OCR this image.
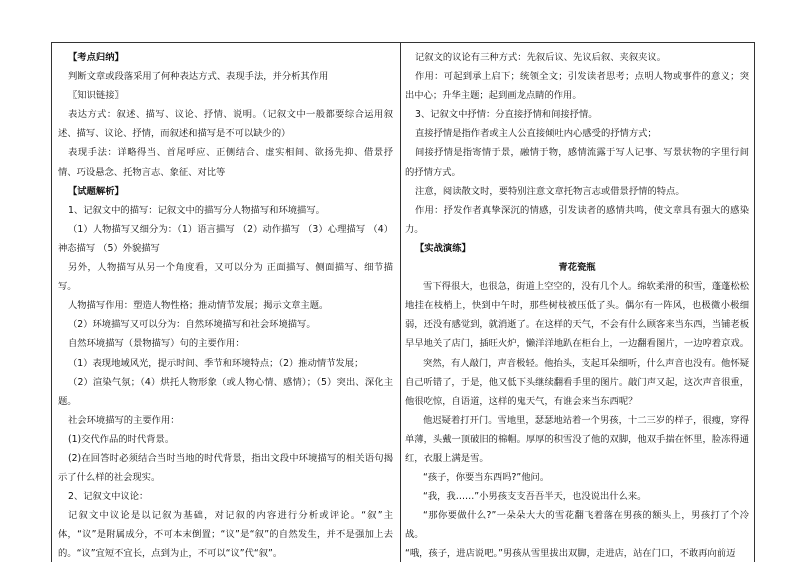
【考点归纳】

判断文章或段落采用了何种表达方式、表现手法，并分析其作用

〖知识链接〗

表达方式：叙述、描写、议论、抒情、说明。（记叙文中一般都要综合运用叙述、描写、议论、抒情，而叙述和描写是不可以缺少的）

表现手法：详略得当、首尾呼应、正侧结合、虚实相间、欲扬先抑、借景抒情、巧设悬念、托物言志、象征、对比等

【试题解析】

1、记叙文中的描写：记叙文中的描写分人物描写和环境描写。

（1）人物描写又细分为：（1）语言描写 （2）动作描写 （3）心理描写 （4）神态描写 （5）外貌描写

另外，人物描写从另一个角度看，又可以分为 正面描写、侧面描写、细节描写。

人物描写作用：塑造人物性格；推动情节发展；揭示文章主题。

（2）环境描写又可以分为：自然环境描写和社会环境描写。

自然环境描写（景物描写）句的主要作用：

（1）表现地域风光，提示时间、季节和环境特点；（2）推动情节发展；

（2）渲染气氛；（4）烘托人物形象（或人物心情、感情）；（5）突出、深化主题。

社会环境描写的主要作用：

(1)交代作品的时代背景。

(2)在回答时必须结合当时当地的时代背景，指出文段中环境描写的相关语句揭示了什么样的社会现实。

2、记叙文中议论：

记叙文中议论是以记叙为基础，对记叙的内容进行分析或评论。“叙”主体，“议”是附属成分，不可本末倒置；“议”是“叙”的自然发生，并不是强加上去的。“议”宜短不宜长，点到为止，不可以“议”代“叙”。

记叙文的议论有三种方式：先叙后议、先议后叙、夹叙夹议。

作用：可起到承上启下；统领全文；引发读者思考；点明人物或事件的意义；突出中心；升华主题；起到画龙点睛的作用。

3、记叙文中抒情：分直接抒情和间接抒情。

直接抒情是指作者或主人公直接倾吐内心感受的抒情方式；

间接抒情是指寄情于景，融情于物，感情流露于写人记事、写景状物的字里行间的抒情方式。

注意，阅读散文时，要特别注意文章托物言志或借景抒情的特点。

作用：抒发作者真挚深沉的情感，引发读者的感情共鸣，使文章具有强大的感染力。

【实战演练】

青花瓷瓶

雪下得很大，也很急，街道上空空的，没有几个人。绵软柔滑的积雪，蓬蓬松松地挂在枝梢上，快到中午时，那些树枝被压低了头。偶尔有一阵风，也极微小极细弱，还没有感觉到，就消逝了。在这样的天气，不会有什么顾客来当东西，当铺老板早早地关了店门，插旺火炉，懒洋洋地趴在柜台上，一边翻看图片，一边哼着京戏。

突然，有人敲门，声音极轻。他抬头，支起耳朵细听，什么声音也没有。他怀疑自己听错了，于是，他又低下头继续翻看手里的图片。敲门声又起，这次声音很重，他很吃惊，自语道，这样的鬼天气，有谁会来当东西呢？

他迟疑着打开门。雪地里，瑟瑟地站着一个男孩，十二三岁的样子，很瘦，穿得单薄，头戴一顶破旧的棉帽。厚厚的积雪没了他的双脚，他双手揣在怀里，脸冻得通红，衣服上满是雪。

“孩子，你要当东西吗?”他问。

“我，我……”小男孩支支吾吾半天，也没说出什么来。

“那你要做什么?”一朵朵大大的雪花翻飞着落在男孩的额头上，男孩打了个冷战。

“哦，孩子，进店说吧。”男孩从雪里拔出双脚，走进店，站在门口，不敢再向前迈
